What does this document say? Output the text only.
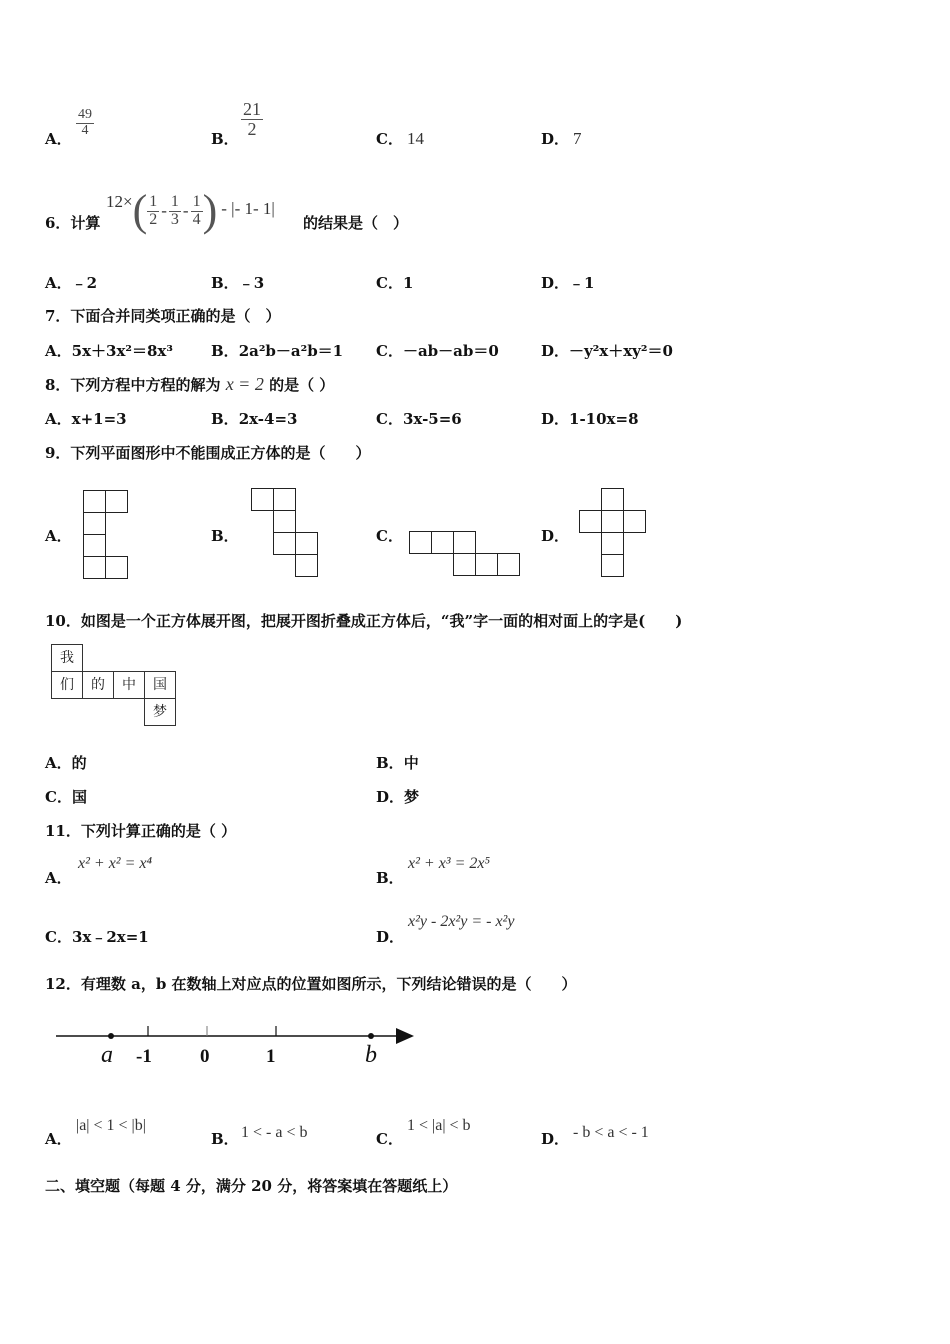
A．
$\frac{49}{4}$
B．
$\frac{21}{2}$
C． 14	D． 7
6．计算
12× ( $\frac{1}{2} - \frac{1}{3} - \frac{1}{4}$ ) - |- 1- 1|
的结果是（　）
A．﹣2	B．﹣3	C．1	D．﹣1
7．下面合并同类项正确的是（　）
A．5x＋3x²＝8x³	B．2a²b－a²b＝1 C．－ab－ab＝0	D．－y²x＋xy²＝0
8．下列方程中方程的解为 x = 2 的是（ ）
A．x+1=3	B．2x-4=3	C．3x-5=6	D．1-10x=8
9．下列平面图形中不能围成正方体的是（　　）
A．	B．	C．	D．
10．如图是一个正方体展开图，把展开图折叠成正方体后，“我”字一面的相对面上的字是(　　)
我
们	的	中	国
梦
A．的	B．中
C．国	D．梦
11．下列计算正确的是（ ）
A．
x² + x² = x⁴
B．
x² + x³ = 2x⁵
C．3x﹣2x=1	D．
x²y - 2x²y = - x²y
12．有理数 a，b 在数轴上对应点的位置如图所示，下列结论错误的是（　　）
a -1	0	1	b
A．
|a| < 1 < |b|
B． 1 < - a < b	C．
1 < |a| < b
D． - b < a < - 1
二、填空题（每题 4 分，满分 20 分，将答案填在答题纸上）
